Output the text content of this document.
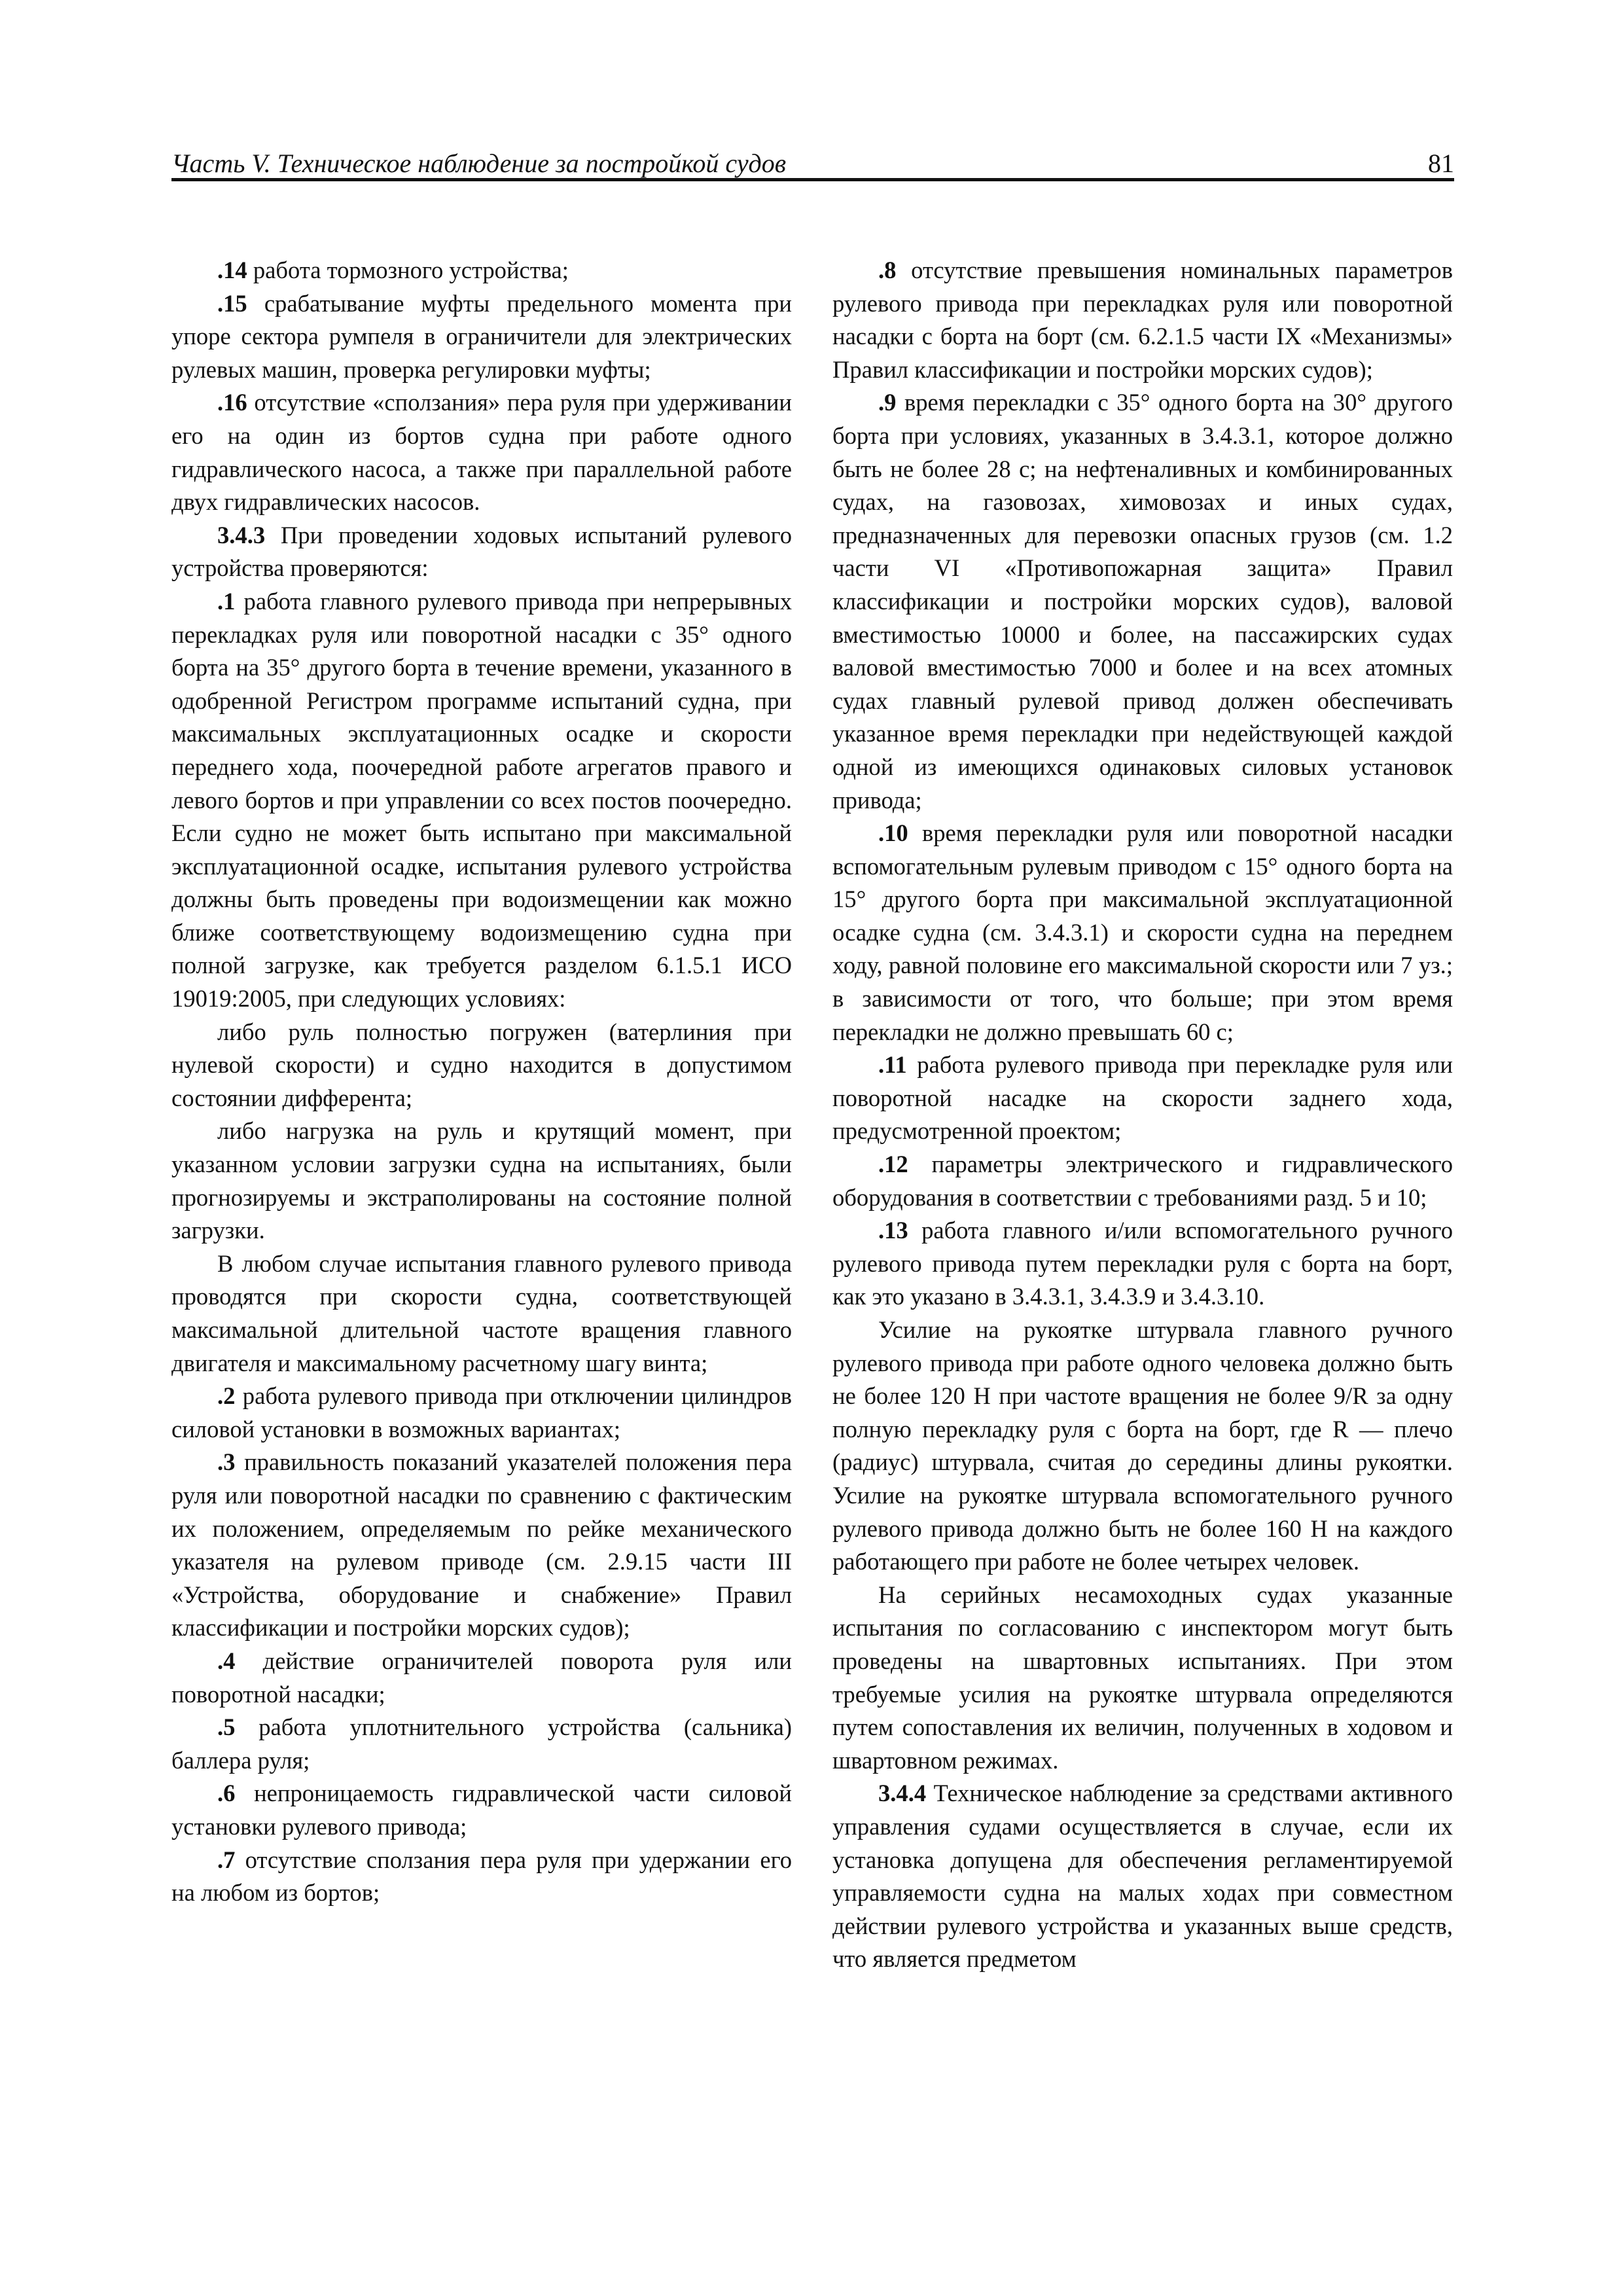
Часть V. Техническое наблюдение за постройкой судов	81

.14 работа тормозного устройства;

.15 срабатывание муфты предельного момента при упоре сектора румпеля в ограничители для электрических рулевых машин, проверка регулировки муфты;

.16 отсутствие «сползания» пера руля при удерживании его на один из бортов судна при работе одного гидравлического насоса, а также при параллельной работе двух гидравлических насосов.

3.4.3 При проведении ходовых испытаний рулевого устройства проверяются:

.1 работа главного рулевого привода при непрерывных перекладках руля или поворотной насадки с 35° одного борта на 35° другого борта в течение времени, указанного в одобренной Регистром программе испытаний судна, при максимальных эксплуатационных осадке и скорости переднего хода, поочередной работе агрегатов правого и левого бортов и при управлении со всех постов поочередно. Если судно не может быть испытано при максимальной эксплуатационной осадке, испытания рулевого устройства должны быть проведены при водоизмещении как можно ближе соответствующему водоизмещению судна при полной загрузке, как требуется разделом 6.1.5.1 ИСО 19019:2005, при следующих условиях:

либо руль полностью погружен (ватерлиния при нулевой скорости) и судно находится в допустимом состоянии дифферента;

либо нагрузка на руль и крутящий момент, при указанном условии загрузки судна на испытаниях, были прогнозируемы и экстраполированы на состояние полной загрузки.

В любом случае испытания главного рулевого привода проводятся при скорости судна, соответствующей максимальной длительной частоте вращения главного двигателя и максимальному расчетному шагу винта;

.2 работа рулевого привода при отключении цилиндров силовой установки в возможных вариантах;

.3 правильность показаний указателей положения пера руля или поворотной насадки по сравнению с фактическим их положением, определяемым по рейке механического указателя на рулевом приводе (см. 2.9.15 части III «Устройства, оборудование и снабжение» Правил классификации и постройки морских судов);

.4 действие ограничителей поворота руля или поворотной насадки;

.5 работа уплотнительного устройства (сальника) баллера руля;

.6 непроницаемость гидравлической части силовой установки рулевого привода;

.7 отсутствие сползания пера руля при удержании его на любом из бортов;

.8 отсутствие превышения номинальных параметров рулевого привода при перекладках руля или поворотной насадки с борта на борт (см. 6.2.1.5 части IX «Механизмы» Правил классификации и постройки морских судов);

.9 время перекладки с 35° одного борта на 30° другого борта при условиях, указанных в 3.4.3.1, которое должно быть не более 28 с; на нефтеналивных и комбинированных судах, на газовозах, химовозах и иных судах, предназначенных для перевозки опасных грузов (см. 1.2 части VI «Противопожарная защита» Правил классификации и постройки морских судов), валовой вместимостью 10000 и более, на пассажирских судах валовой вместимостью 7000 и более и на всех атомных судах главный рулевой привод должен обеспечивать указанное время перекладки при недействующей каждой одной из имеющихся одинаковых силовых установок привода;

.10 время перекладки руля или поворотной насадки вспомогательным рулевым приводом с 15° одного борта на 15° другого борта при максимальной эксплуатационной осадке судна (см. 3.4.3.1) и скорости судна на переднем ходу, равной половине его максимальной скорости или 7 уз.; в зависимости от того, что больше; при этом время перекладки не должно превышать 60 с;

.11 работа рулевого привода при перекладке руля или поворотной насадке на скорости заднего хода, предусмотренной проектом;

.12 параметры электрического и гидравлического оборудования в соответствии с требованиями разд. 5 и 10;

.13 работа главного и/или вспомогательного ручного рулевого привода путем перекладки руля с борта на борт, как это указано в 3.4.3.1, 3.4.3.9 и 3.4.3.10.

Усилие на рукоятке штурвала главного ручного рулевого привода при работе одного человека должно быть не более 120 Н при частоте вращения не более 9/R за одну полную перекладку руля с борта на борт, где R — плечо (радиус) штурвала, считая до середины длины рукоятки. Усилие на рукоятке штурвала вспомогательного ручного рулевого привода должно быть не более 160 Н на каждого работающего при работе не более четырех человек.

На серийных несамоходных судах указанные испытания по согласованию с инспектором могут быть проведены на швартовных испытаниях. При этом требуемые усилия на рукоятке штурвала определяются путем сопоставления их величин, полученных в ходовом и швартовном режимах.

3.4.4 Техническое наблюдение за средствами активного управления судами осуществляется в случае, если их установка допущена для обеспечения регламентируемой управляемости судна на малых ходах при совместном действии рулевого устройства и указанных выше средств, что является предметом
